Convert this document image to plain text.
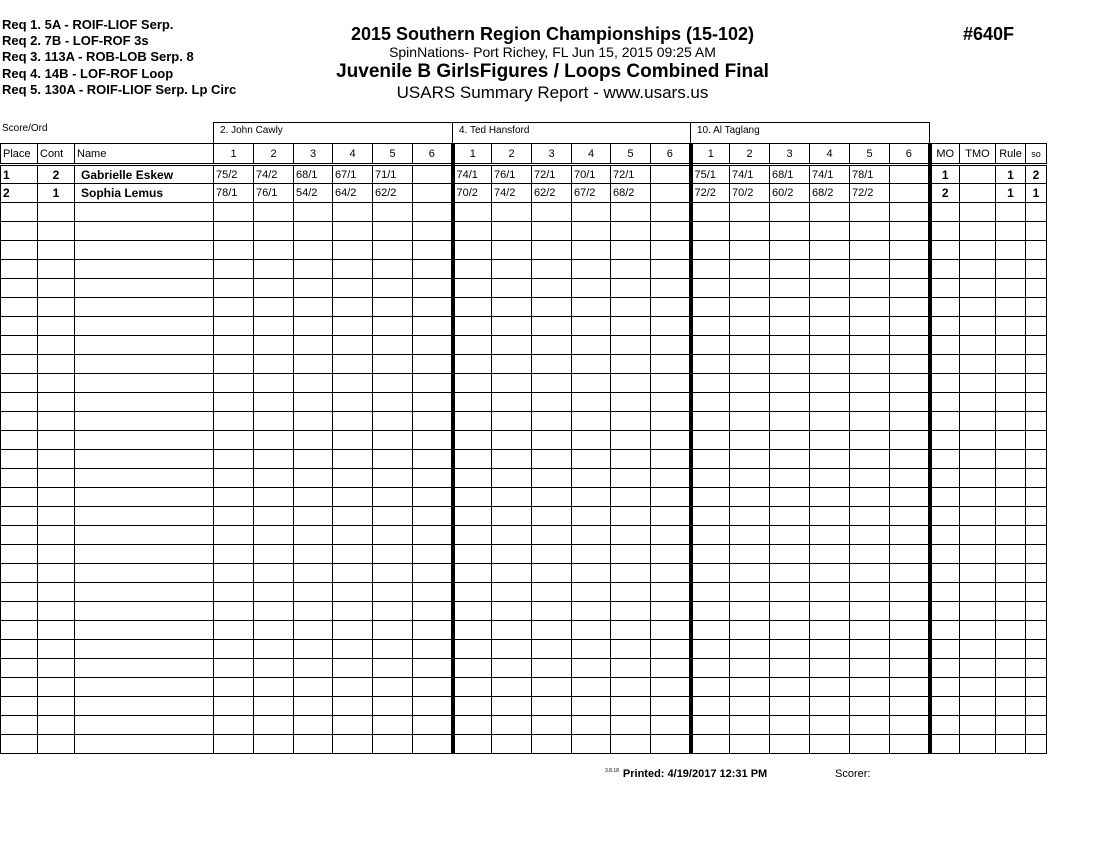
Req 1. 5A - ROIF-LIOF Serp.
Req 2. 7B - LOF-ROF 3s
Req 3. 113A - ROB-LOB Serp. 8
Req 4. 14B - LOF-ROF Loop
Req 5. 130A - ROIF-LIOF Serp. Lp Circ
2015 Southern Region Championships (15-102)
SpinNations- Port Richey, FL Jun 15, 2015 09:25 AM
Juvenile B GirlsFigures / Loops Combined Final
USARS Summary Report - www.usars.us
#640F
Score/Ord	2. John Cawly	4. Ted Hansford	10. Al Taglang
Place	Cont	Name	1	2	3	4	5	6	1	2	3	4	5	6	1	2	3	4	5	6	MO	TMO	Rule	so
1	2	Gabrielle Eskew	75/2	74/2	68/1	67/1	71/1		74/1	76/1	72/1	70/1	72/1		75/1	74/1	68/1	74/1	78/1		1		1	2
2	1	Sophia Lemus	78/1	76/1	54/2	64/2	62/2		70/2	74/2	62/2	67/2	68/2		72/2	70/2	60/2	68/2	72/2		2		1	1

$^{3.8.18}$ Printed: 4/19/2017 12:31 PM	Scorer:
